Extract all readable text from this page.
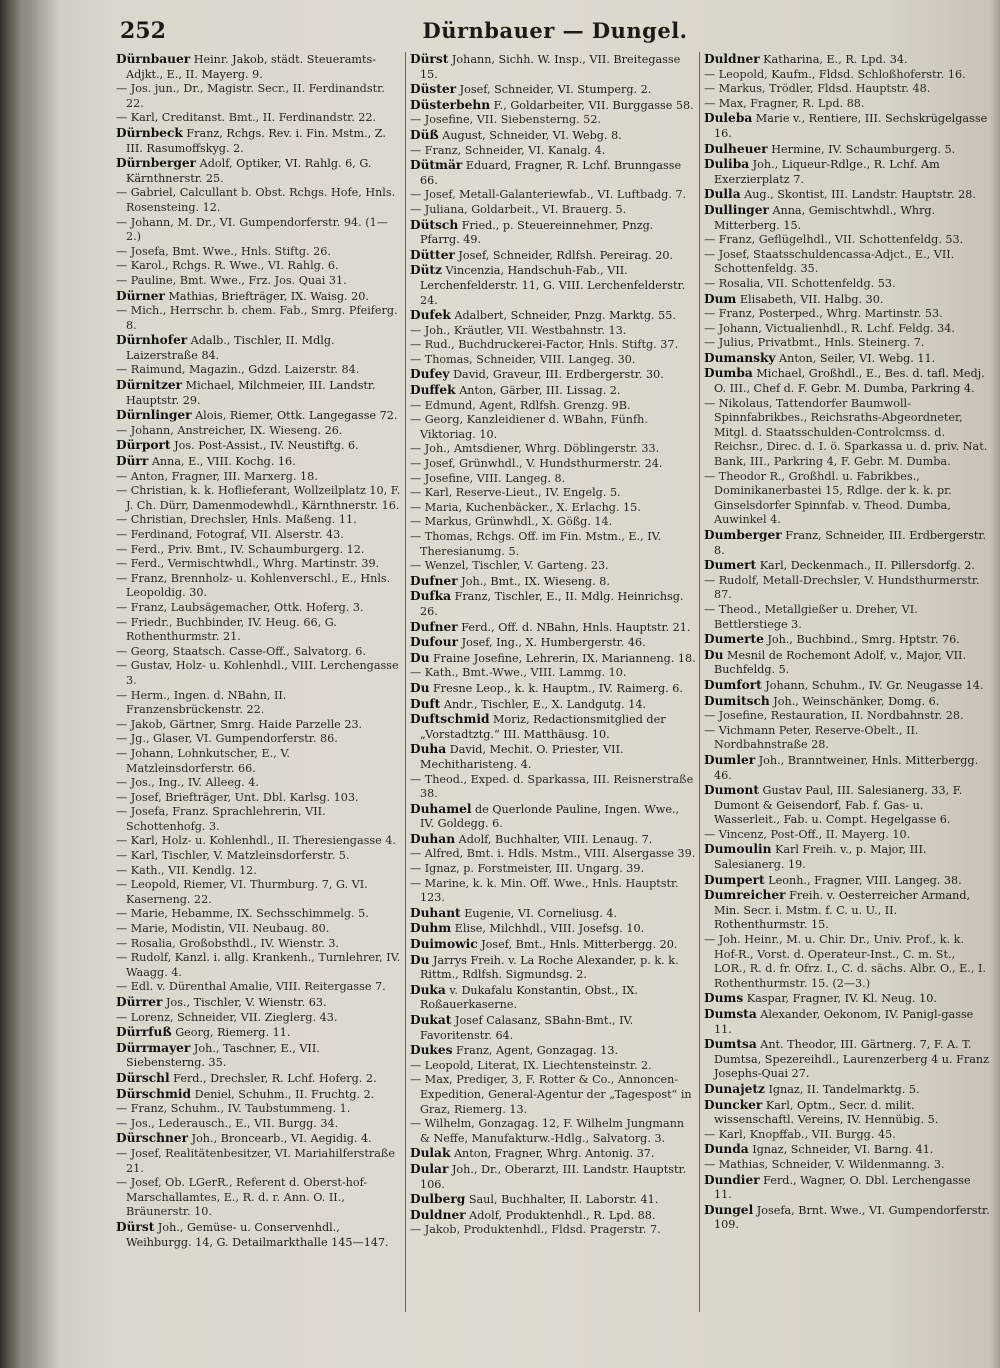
252	Dürnbauer — Dungel.

Dürnbauer Heinr. Jakob, städt. Steueramts-Adjkt., E., II. Mayerg. 9.

— Jos. jun., Dr., Magistr. Secr., II. Ferdinandstr. 22.

— Karl, Creditanst. Bmt., II. Ferdinandstr. 22.

Dürnbeck Franz, Rchgs. Rev. i. Fin. Mstm., Z. III. Rasumoffskyg. 2.

Dürnberger Adolf, Optiker, VI. Rahlg. 6, G. Kärnthnerstr. 25.

— Gabriel, Calcullant b. Obst. Rchgs. Hofe, Hnls. Rosensteing. 12.

— Johann, M. Dr., VI. Gumpendorferstr. 94. (1—2.)

— Josefa, Bmt. Wwe., Hnls. Stiftg. 26.

— Karol., Rchgs. R. Wwe., VI. Rahlg. 6.

— Pauline, Bmt. Wwe., Frz. Jos. Quai 31.

Dürner Mathias, Briefträger, IX. Waisg. 20.

— Mich., Herrschr. b. chem. Fab., Smrg. Pfeiferg. 8.

Dürnhofer Adalb., Tischler, II. Mdlg. Laizerstraße 84.

— Raimund, Magazin., Gdzd. Laizerstr. 84.

Dürnitzer Michael, Milchmeier, III. Landstr. Hauptstr. 29.

Dürnlinger Alois, Riemer, Ottk. Langegasse 72.

— Johann, Anstreicher, IX. Wieseng. 26.

Dürport Jos. Post-Assist., IV. Neustiftg. 6.

Dürr Anna, E., VIII. Kochg. 16.

— Anton, Fragner, III. Marxerg. 18.

— Christian, k. k. Hoflieferant, Wollzeilplatz 10, F. J. Ch. Dürr, Damenmodewhdl., Kärnthnerstr. 16.

— Christian, Drechsler, Hnls. Maßeng. 11.

— Ferdinand, Fotograf, VII. Alserstr. 43.

— Ferd., Priv. Bmt., IV. Schaumburgerg. 12.

— Ferd., Vermischtwhdl., Whrg. Martinstr. 39.

— Franz, Brennholz- u. Kohlenverschl., E., Hnls. Leopoldig. 30.

— Franz, Laubsägemacher, Ottk. Hoferg. 3.

— Friedr., Buchbinder, IV. Heug. 66, G. Rothenthurmstr. 21.

— Georg, Staatsch. Casse-Off., Salvatorg. 6.

— Gustav, Holz- u. Kohlenhdl., VIII. Lerchengasse 3.

— Herm., Ingen. d. NBahn, II. Franzensbrückenstr. 22.

— Jakob, Gärtner, Smrg. Haide Parzelle 23.

— Jg., Glaser, VI. Gumpendorferstr. 86.

— Johann, Lohnkutscher, E., V. Matzleinsdorferstr. 66.

— Jos., Ing., IV. Alleeg. 4.

— Josef, Briefträger, Unt. Dbl. Karlsg. 103.

— Josefa, Franz. Sprachlehrerin, VII. Schottenhofg. 3.

— Karl, Holz- u. Kohlenhdl., II. Theresiengasse 4.

— Karl, Tischler, V. Matzleinsdorferstr. 5.

— Kath., VII. Kendlg. 12.

— Leopold, Riemer, VI. Thurmburg. 7, G. VI. Kaserneng. 22.

— Marie, Hebamme, IX. Sechsschimmelg. 5.

— Marie, Modistin, VII. Neubaug. 80.

— Rosalia, Großobsthdl., IV. Wienstr. 3.

— Rudolf, Kanzl. i. allg. Krankenh., Turnlehrer, IV. Waagg. 4.

— Edl. v. Dürenthal Amalie, VIII. Reitergasse 7.

Dürrer Jos., Tischler, V. Wienstr. 63.

— Lorenz, Schneider, VII. Zieglerg. 43.

Dürrfuß Georg, Riemerg. 11.

Dürrmayer Joh., Taschner, E., VII. Siebensterng. 35.

Dürschl Ferd., Drechsler, R. Lchf. Hoferg. 2.

Dürschmid Deniel, Schuhm., II. Fruchtg. 2.

— Franz, Schuhm., IV. Taubstummeng. 1.

— Jos., Lederausch., E., VII. Burgg. 34.

Dürschner Joh., Broncearb., VI. Aegidig. 4.

— Josef, Realitätenbesitzer, VI. Mariahilferstraße 21.

— Josef, Ob. LGerR., Referent d. Oberst-hof-Marschallamtes, E., R. d. r. Ann. O. II., Bräunerstr. 10.

Dürst Joh., Gemüse- u. Conservenhdl., Weihburgg. 14, G. Detailmarkthalle 145—147.

Dürst Johann, Sichh. W. Insp., VII. Breitegasse 15.

Düster Josef, Schneider, VI. Stumperg. 2.

Düsterbehn F., Goldarbeiter, VII. Burggasse 58.

— Josefine, VII. Siebensterng. 52.

Düß August, Schneider, VI. Webg. 8.

— Franz, Schneider, VI. Kanalg. 4.

Dütmär Eduard, Fragner, R. Lchf. Brunngasse 66.

— Josef, Metall-Galanteriewfab., VI. Luftbadg. 7.

— Juliana, Goldarbeit., VI. Brauerg. 5.

Dütsch Fried., p. Steuereinnehmer, Pnzg. Pfarrg. 49.

Dütter Josef, Schneider, Rdlfsh. Pereirag. 20.

Dütz Vincenzia, Handschuh-Fab., VII. Lerchenfelderstr. 11, G. VIII. Lerchenfelderstr. 24.

Dufek Adalbert, Schneider, Pnzg. Marktg. 55.

— Joh., Kräutler, VII. Westbahnstr. 13.

— Rud., Buchdruckerei-Factor, Hnls. Stiftg. 37.

— Thomas, Schneider, VIII. Langeg. 30.

Dufey David, Graveur, III. Erdbergerstr. 30.

Duffek Anton, Gärber, III. Lissag. 2.

— Edmund, Agent, Rdlfsh. Grenzg. 9B.

— Georg, Kanzleidiener d. WBahn, Fünfh. Viktoriag. 10.

— Joh., Amtsdiener, Whrg. Döblingerstr. 33.

— Josef, Grünwhdl., V. Hundsthurmerstr. 24.

— Josefine, VIII. Langeg. 8.

— Karl, Reserve-Lieut., IV. Engelg. 5.

— Maria, Kuchenbäcker., X. Erlachg. 15.

— Markus, Grünwhdl., X. Gößg. 14.

— Thomas, Rchgs. Off. im Fin. Mstm., E., IV. Theresianumg. 5.

— Wenzel, Tischler, V. Garteng. 23.

Dufner Joh., Bmt., IX. Wieseng. 8.

Dufka Franz, Tischler, E., II. Mdlg. Heinrichsg. 26.

Dufner Ferd., Off. d. NBahn, Hnls. Hauptstr. 21.

Dufour Josef, Ing., X. Humbergerstr. 46.

Du Fraine Josefine, Lehrerin, IX. Marianneng. 18.

— Kath., Bmt.-Wwe., VIII. Lammg. 10.

Du Fresne Leop., k. k. Hauptm., IV. Raimerg. 6.

Duft Andr., Tischler, E., X. Landgutg. 14.

Duftschmid Moriz, Redactionsmitglied der „Vorstadtztg.“ III. Matthäusg. 10.

Duha David, Mechit. O. Priester, VII. Mechitharisteng. 4.

— Theod., Exped. d. Sparkassa, III. Reisnerstraße 38.

Duhamel de Querlonde Pauline, Ingen. Wwe., IV. Goldegg. 6.

Duhan Adolf, Buchhalter, VIII. Lenaug. 7.

— Alfred, Bmt. i. Hdls. Mstm., VIII. Alsergasse 39.

— Ignaz, p. Forstmeister, III. Ungarg. 39.

— Marine, k. k. Min. Off. Wwe., Hnls. Hauptstr. 123.

Duhant Eugenie, VI. Corneliusg. 4.

Duhm Elise, Milchhdl., VIII. Josefsg. 10.

Duimowic Josef, Bmt., Hnls. Mitterbergg. 20.

Du Jarrys Freih. v. La Roche Alexander, p. k. k. Rittm., Rdlfsh. Sigmundsg. 2.

Duka v. Dukafalu Konstantin, Obst., IX. Roßauerkaserne.

Dukat Josef Calasanz, SBahn-Bmt., IV. Favoritenstr. 64.

Dukes Franz, Agent, Gonzagag. 13.

— Leopold, Literat, IX. Liechtensteinstr. 2.

— Max, Prediger, 3, F. Rotter & Co., Annoncen-Expedition, General-Agentur der „Tagespost“ in Graz, Riemerg. 13.

— Wilhelm, Gonzagag. 12, F. Wilhelm Jungmann & Neffe, Manufakturw.-Hdlg., Salvatorg. 3.

Dulak Anton, Fragner, Whrg. Antonig. 37.

Dular Joh., Dr., Oberarzt, III. Landstr. Hauptstr. 106.

Dulberg Saul, Buchhalter, II. Laborstr. 41.

Duldner Adolf, Produktenhdl., R. Lpd. 88.

— Jakob, Produktenhdl., Fldsd. Pragerstr. 7.

Duldner Katharina, E., R. Lpd. 34.

— Leopold, Kaufm., Fldsd. Schloßhoferstr. 16.

— Markus, Trödler, Fldsd. Hauptstr. 48.

— Max, Fragner, R. Lpd. 88.

Duleba Marie v., Rentiere, III. Sechskrügelgasse 16.

Dulheuer Hermine, IV. Schaumburgerg. 5.

Duliba Joh., Liqueur-Rdlge., R. Lchf. Am Exerzierplatz 7.

Dulla Aug., Skontist, III. Landstr. Hauptstr. 28.

Dullinger Anna, Gemischtwhdl., Whrg. Mitterberg. 15.

— Franz, Geflügelhdl., VII. Schottenfeldg. 53.

— Josef, Staatsschuldencassa-Adjct., E., VII. Schottenfeldg. 35.

— Rosalia, VII. Schottenfeldg. 53.

Dum Elisabeth, VII. Halbg. 30.

— Franz, Posterped., Whrg. Martinstr. 53.

— Johann, Victualienhdl., R. Lchf. Feldg. 34.

— Julius, Privatbmt., Hnls. Steinerg. 7.

Dumansky Anton, Seiler, VI. Webg. 11.

Dumba Michael, Großhdl., E., Bes. d. tafl. Medj. O. III., Chef d. F. Gebr. M. Dumba, Parkring 4.

— Nikolaus, Tattendorfer Baumwoll-Spinnfabrikbes., Reichsraths-Abgeordneter, Mitgl. d. Staatsschulden-Controlcmss. d. Reichsr., Direc. d. I. ö. Sparkassa u. d. priv. Nat. Bank, III., Parkring 4, F. Gebr. M. Dumba.

— Theodor R., Großhdl. u. Fabrikbes., Dominikanerbastei 15, Rdlge. der k. k. pr. Ginselsdorfer Spinnfab. v. Theod. Dumba, Auwinkel 4.

Dumberger Franz, Schneider, III. Erdbergerstr. 8.

Dumert Karl, Deckenmach., II. Pillersdorfg. 2.

— Rudolf, Metall-Drechsler, V. Hundsthurmerstr. 87.

— Theod., Metallgießer u. Dreher, VI. Bettlerstiege 3.

Dumerte Joh., Buchbind., Smrg. Hptstr. 76.

Du Mesnil de Rochemont Adolf, v., Major, VII. Buchfeldg. 5.

Dumfort Johann, Schuhm., IV. Gr. Neugasse 14.

Dumitsch Joh., Weinschänker, Domg. 6.

— Josefine, Restauration, II. Nordbahnstr. 28.

— Vichmann Peter, Reserve-Obelt., II. Nordbahnstraße 28.

Dumler Joh., Branntweiner, Hnls. Mitterbergg. 46.

Dumont Gustav Paul, III. Salesianerg. 33, F. Dumont & Geisendorf, Fab. f. Gas- u. Wasserleit., Fab. u. Compt. Hegelgasse 6.

— Vincenz, Post-Off., II. Mayerg. 10.

Dumoulin Karl Freih. v., p. Major, III. Salesianerg. 19.

Dumpert Leonh., Fragner, VIII. Langeg. 38.

Dumreicher Freih. v. Oesterreicher Armand, Min. Secr. i. Mstm. f. C. u. U., II. Rothenthurmstr. 15.

— Joh. Heinr., M. u. Chir. Dr., Univ. Prof., k. k. Hof-R., Vorst. d. Operateur-Inst., C. m. St., LOR., R. d. fr. Ofrz. I., C. d. sächs. Albr. O., E., I. Rothenthurmstr. 15. (2—3.)

Dums Kaspar, Fragner, IV. Kl. Neug. 10.

Dumsta Alexander, Oekonom, IV. Panigl-gasse 11.

Dumtsa Ant. Theodor, III. Gärtnerg. 7, F. A. T. Dumtsa, Spezereihdl., Laurenzerberg 4 u. Franz Josephs-Quai 27.

Dunajetz Ignaz, II. Tandelmarktg. 5.

Duncker Karl, Optm., Secr. d. milit. wissenschaftl. Vereins, IV. Hennübig. 5.

— Karl, Knopffab., VII. Burgg. 45.

Dunda Ignaz, Schneider, VI. Barng. 41.

— Mathias, Schneider, V. Wildenmanng. 3.

Dundier Ferd., Wagner, O. Dbl. Lerchengasse 11.

Dungel Josefa, Brnt. Wwe., VI. Gumpendorferstr. 109.
